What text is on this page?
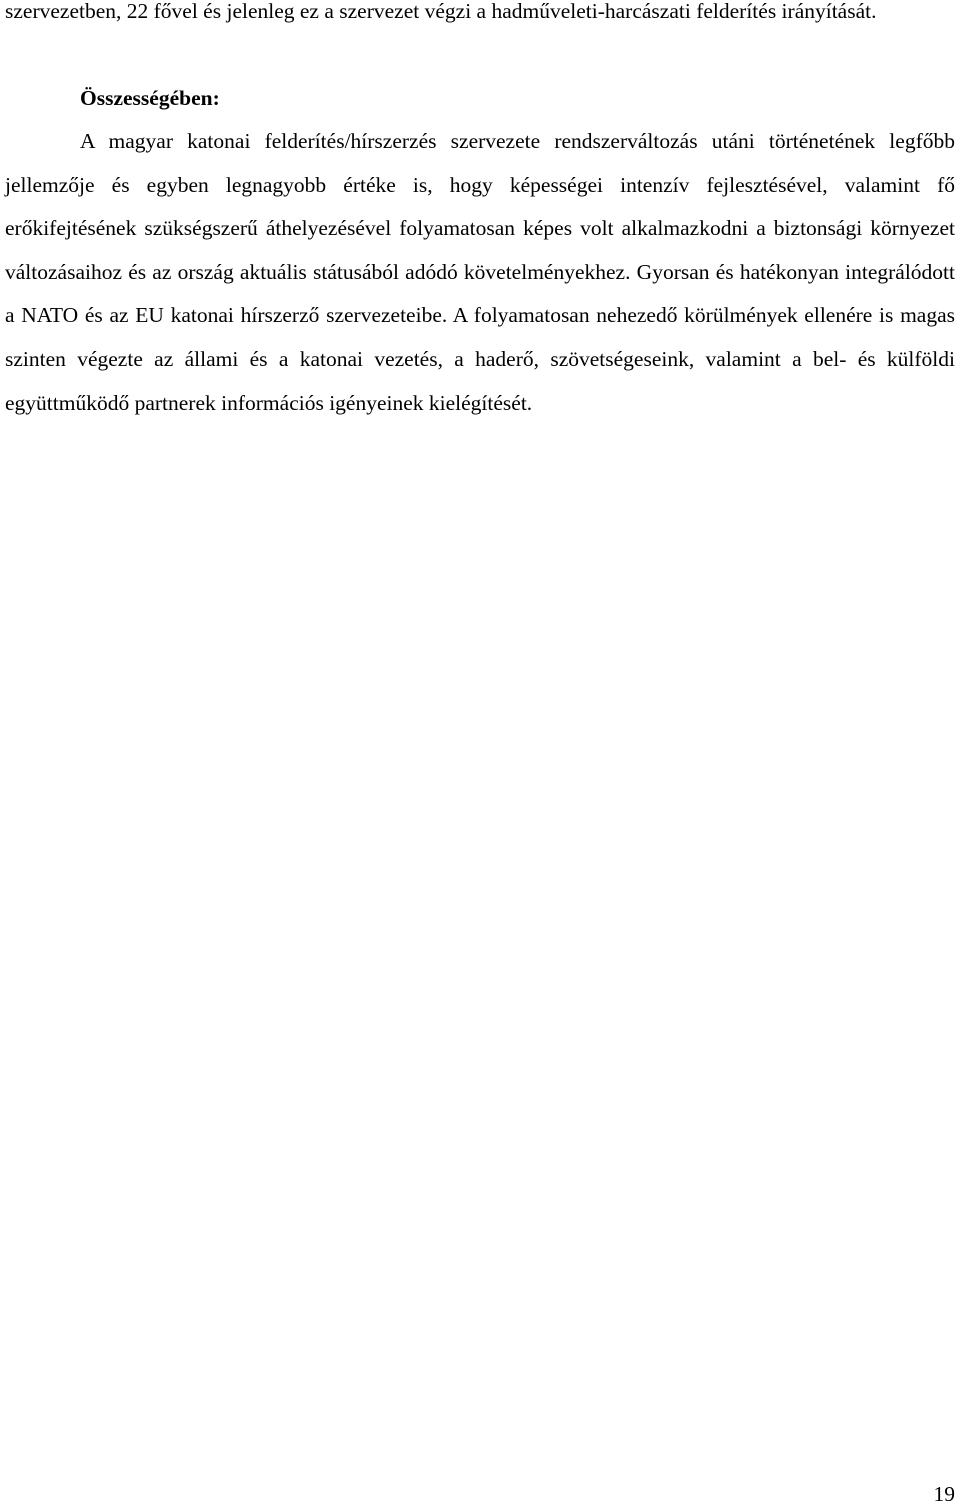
szervezetben, 22 fővel és jelenleg ez a szervezet végzi a hadműveleti-harcászati felderítés irányítását.

Összességében:

A magyar katonai felderítés/hírszerzés szervezete rendszerváltozás utáni történetének legfőbb jellemzője és egyben legnagyobb értéke is, hogy képességei intenzív fejlesztésével, valamint fő erőkifejtésének szükségszerű áthelyezésével folyamatosan képes volt alkalmazkodni a biztonsági környezet változásaihoz és az ország aktuális státusából adódó követelményekhez. Gyorsan és hatékonyan integrálódott a NATO és az EU katonai hírszerző szervezeteibe. A folyamatosan nehezedő körülmények ellenére is magas szinten végezte az állami és a katonai vezetés, a haderő, szövetségeseink, valamint a bel- és külföldi együttműködő partnerek információs igényeinek kielégítését.

19
